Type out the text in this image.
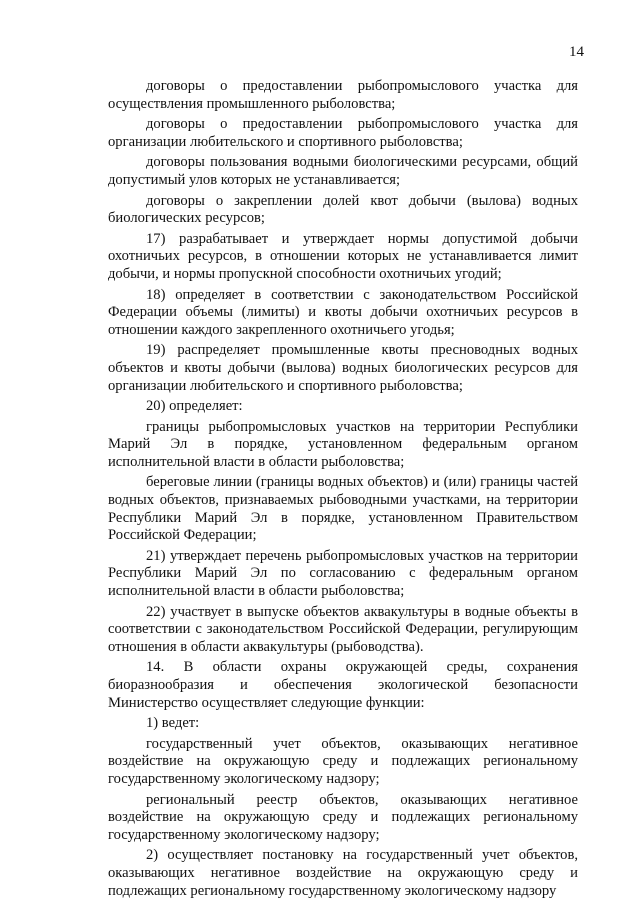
14

договоры о предоставлении рыбопромыслового участка для осуществления промышленного рыболовства;

договоры о предоставлении рыбопромыслового участка для организации любительского и спортивного рыболовства;

договоры пользования водными биологическими ресурсами, общий допустимый улов которых не устанавливается;

договоры о закреплении долей квот добычи (вылова) водных биологических ресурсов;

17) разрабатывает и утверждает нормы допустимой добычи охотничьих ресурсов, в отношении которых не устанавливается лимит добычи, и нормы пропускной способности охотничьих угодий;

18) определяет в соответствии с законодательством Российской Федерации объемы (лимиты) и квоты добычи охотничьих ресурсов в отношении каждого закрепленного охотничьего угодья;

19) распределяет промышленные квоты пресноводных водных объектов и квоты добычи (вылова) водных биологических ресурсов для организации любительского и спортивного рыболовства;

20) определяет:

границы рыбопромысловых участков на территории Республики Марий Эл в порядке, установленном федеральным органом исполнительной власти в области рыболовства;

береговые линии (границы водных объектов) и (или) границы частей водных объектов, признаваемых рыбоводными участками, на территории Республики Марий Эл в порядке, установленном Правительством Российской Федерации;

21) утверждает перечень рыбопромысловых участков на территории Республики Марий Эл по согласованию с федеральным органом исполнительной власти в области рыболовства;

22) участвует в выпуске объектов аквакультуры в водные объекты в соответствии с законодательством Российской Федерации, регулирующим отношения в области аквакультуры (рыбоводства).

14. В области охраны окружающей среды, сохранения биоразнообразия и обеспечения экологической безопасности Министерство осуществляет следующие функции:

1) ведет:

государственный учет объектов, оказывающих негативное воздействие на окружающую среду и подлежащих региональному государственному экологическому надзору;

региональный реестр объектов, оказывающих негативное воздействие на окружающую среду и подлежащих региональному государственному экологическому надзору;

2) осуществляет постановку на государственный учет объектов, оказывающих негативное воздействие на окружающую среду и подлежащих региональному государственному экологическому надзору
